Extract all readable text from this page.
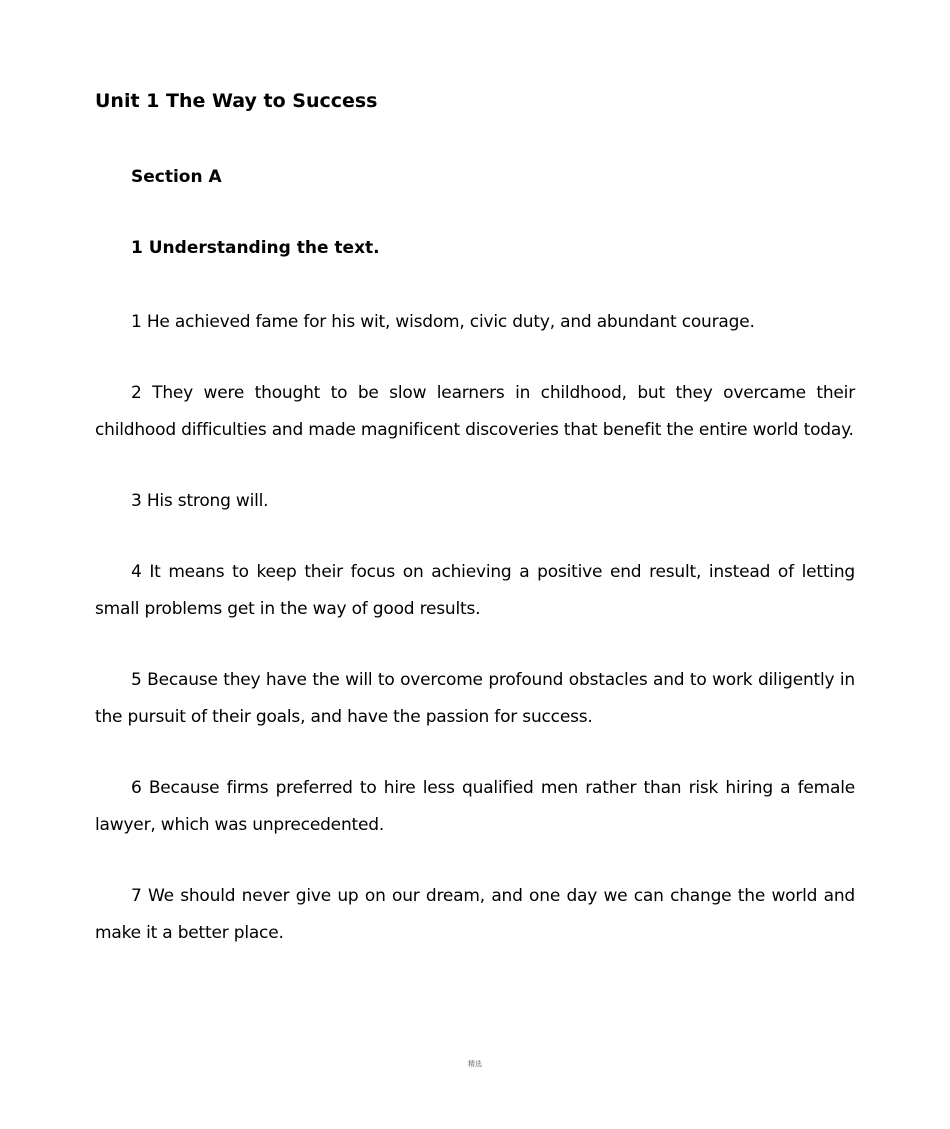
Unit 1 The Way to Success
Section A
1 Understanding the text.
1 He achieved fame for his wit, wisdom, civic duty, and abundant courage.
2 They were thought to be slow learners in childhood, but they overcame their childhood difficulties and made magnificent discoveries that benefit the entire world today.
3 His strong will.
4 It means to keep their focus on achieving a positive end result, instead of letting small problems get in the way of good results.
5 Because they have the will to overcome profound obstacles and to work diligently in the pursuit of their goals, and have the passion for success.
6 Because firms preferred to hire less qualified men rather than risk hiring a female lawyer, which was unprecedented.
7 We should never give up on our dream, and one day we can change the world and make it a better place.
精选
